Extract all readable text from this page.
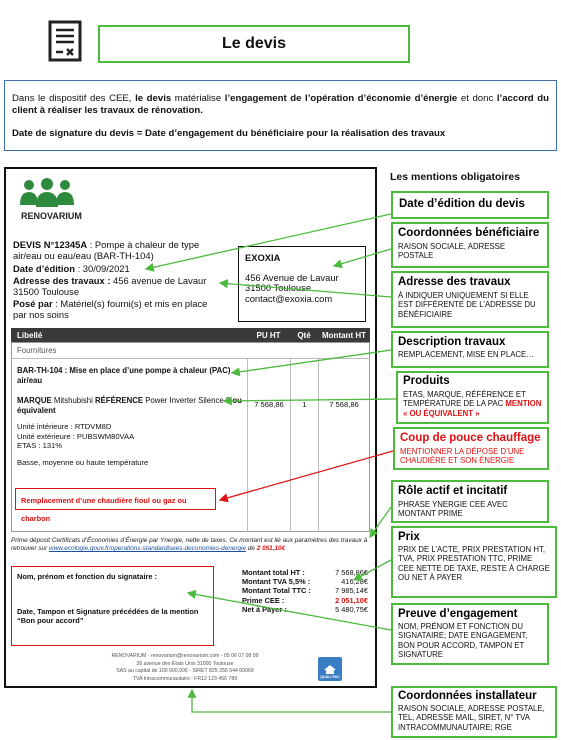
Le devis

Dans le dispositif des CEE, le devis matérialise l’engagement de l’opération d’économie d’énergie et donc l’accord du client à réaliser les travaux de rénovation.

Date de signature du devis = Date d’engagement du bénéficiaire pour la réalisation des travaux

Les mentions obligatoires
RENOVARIUM
DEVIS N°12345A : Pompe à chaleur de type air/eau ou eau/eau (BAR-TH-104)
Date d’édition : 30/09/2021
Adresse des travaux : 456 avenue de Lavaur 31500 Toulouse
Posé par : Matériel(s) fourni(s) et mis en place par nos soins
EXOXIA
456 Avenue de Lavaur
31500 Toulouse
contact@exoxia.com
Libellé	PU HT	Qté	Montant HT
Fournitures
BAR-TH-104 : Mise en place d’une pompe à chaleur (PAC) air/eau
MARQUE Mitshubishi RÉFÉRENCE Power Inverter Silence 8 ou équivalent
7 568,86	1	7 568,86
Unité intérieure : RTDVM8D
Unité extérieure : PUBSWM80VAA
ETAS : 131%
Basse, moyenne ou haute température
Remplacement d’une chaudière fioul ou gaz ou charbon
Prime déposit Certificats d’Économies d’Énergie par Ynergie, nette de taxes. Ce montant est lié aux paramètres des travaux à retrouver sur www.ecologie.gouv.fr/operations-standardisees-deconomies-denergie de 2 051,10€
Nom, prénom et fonction du signataire :
Date, Tampon et Signature précédées de la mention “Bon pour accord”
Montant total HT :	7 568,86€
Montant TVA 5,5% :	416,28€
Montant Total TTC :	7 985,14€
Prime CEE :	2 051,10€
Net à Payer :	5 480,75€
RENOVARIUM - renovarium@renovarium.com - 05 06 07 08 09
26 avenue des États Unis 31000 Toulouse
SAS au capital de 100 000,00€ - SIRET 825 256 544 00069
TVA Intracommunautaire : FR12 123 456 789	QUALI PAC
Date d’édition du devis
Coordonnées bénéficiaire
RAISON SOCIALE, ADRESSE POSTALE
Adresse des travaux
À INDIQUER UNIQUEMENT SI ELLE EST DIFFÉRENTE DE L’ADRESSE DU BÉNÉFICIAIRE
Description travaux
REMPLACEMENT, MISE EN PLACE…
Produits
ETAS, MARQUE, RÉFÉRENCE ET TEMPÉRATURE DE LA PAC MENTION « OU ÉQUIVALENT »
Coup de pouce chauffage
MENTIONNER LA DÉPOSE D’UNE CHAUDIÈRE ET SON ÉNERGIE
Rôle actif et incitatif
PHRASE YNERGIE CEE AVEC MONTANT PRIME
Prix
PRIX DE L’ACTE, PRIX PRESTATION HT, TVA, PRIX PRESTATION TTC, PRIME CEE NETTE DE TAXE, RESTE À CHARGE OU NET À PAYER
Preuve d’engagement
NOM, PRÉNOM ET FONCTION DU SIGNATAIRE; DATE ENGAGEMENT, BON POUR ACCORD, TAMPON ET SIGNATURE
Coordonnées installateur
RAISON SOCIALE, ADRESSE POSTALE, TEL, ADRESSE MAIL, SIRET, N° TVA INTRACOMMUNAUTAIRE; RGE
